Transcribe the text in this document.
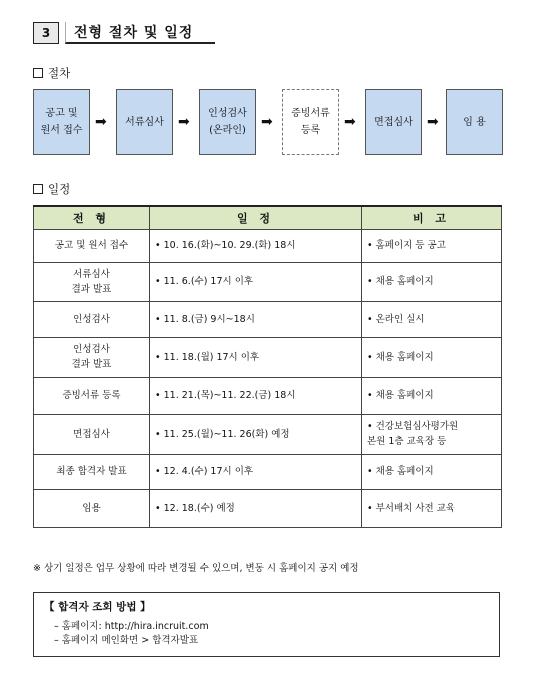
3	전형 절차 및 일정
절차
공고 및
원서 접수
➡	서류심사	➡
인성검사
(온라인)
➡
증빙서류
등록
➡	면접심사	➡	임 용
일정
전 형	일 정	비 고
공고 및 원서 접수	• 10. 16.(화)~10. 29.(화) 18시	• 홈페이지 등 공고
서류심사
결과 발표	• 11. 6.(수) 17시 이후	• 채용 홈페이지
인성검사	• 11. 8.(금) 9시~18시	• 온라인 실시
인성검사
결과 발표	• 11. 18.(월) 17시 이후	• 채용 홈페이지
증빙서류 등록	• 11. 21.(목)~11. 22.(금) 18시	• 채용 홈페이지
면접심사	• 11. 25.(월)~11. 26(화) 예정	• 건강보험심사평가원
본원 1층 교육장 등
최종 합격자 발표	• 12. 4.(수) 17시 이후	• 채용 홈페이지
임용	• 12. 18.(수) 예정	• 부서배치 사전 교육
※ 상기 일정은 업무 상황에 따라 변경될 수 있으며, 변동 시 홈페이지 공지 예정
【 합격자 조회 방법 】
– 홈페이지: http://hira.incruit.com
– 홈페이지 메인화면 > 합격자발표
